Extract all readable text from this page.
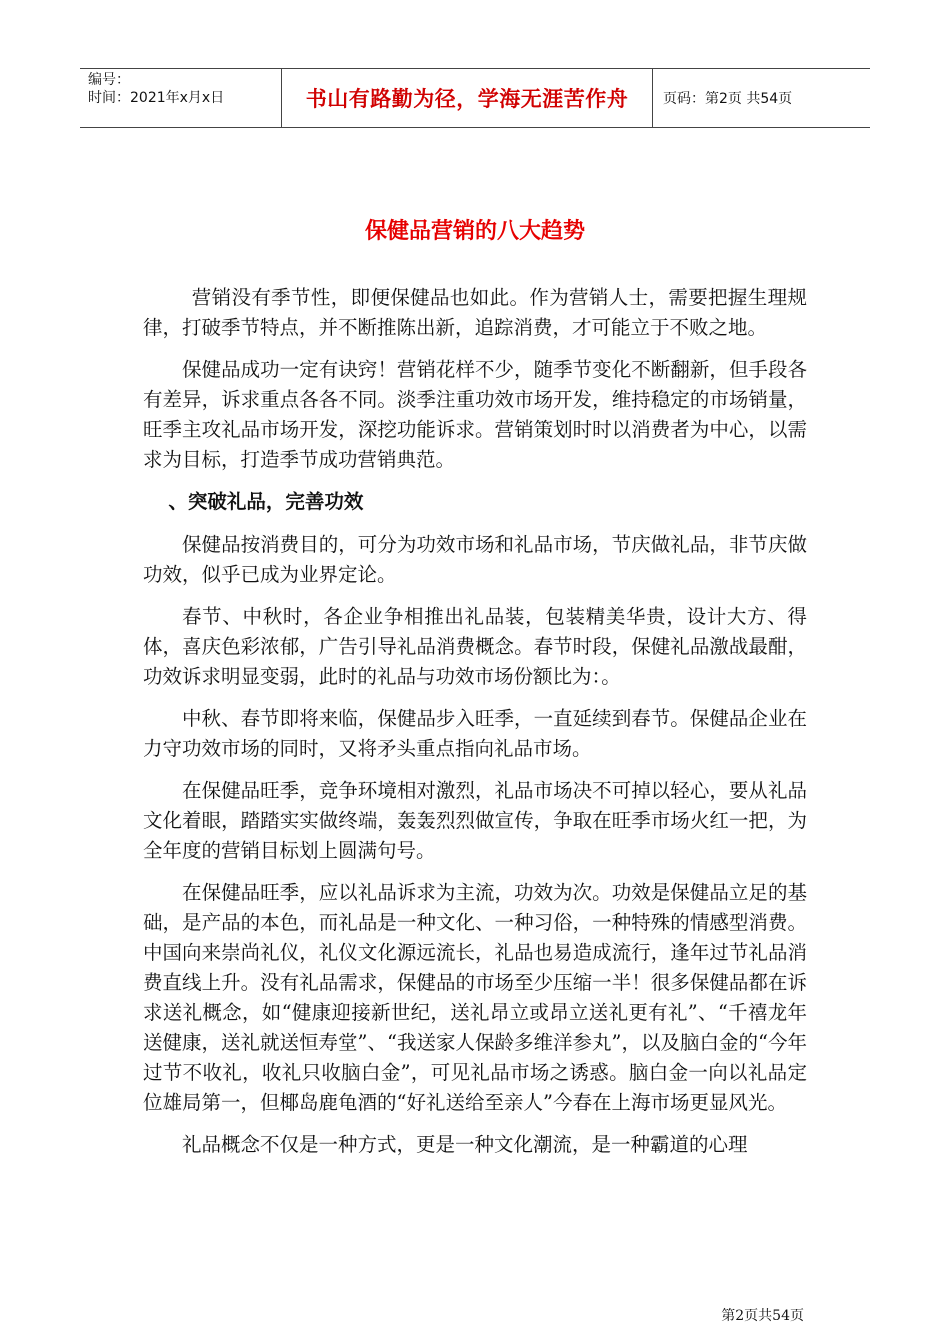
编号：
时间：2021年x月x日	书山有路勤为径，学海无涯苦作舟	页码：第2页 共54页
保健品营销的八大趋势

营销没有季节性，即便保健品也如此。作为营销人士，需要把握生理规律，打破季节特点，并不断推陈出新，追踪消费，才可能立于不败之地。

保健品成功一定有诀窍！营销花样不少，随季节变化不断翻新，但手段各有差异，诉求重点各各不同。淡季注重功效市场开发，维持稳定的市场销量，旺季主攻礼品市场开发，深挖功能诉求。营销策划时时以消费者为中心，以需求为目标，打造季节成功营销典范。

、突破礼品，完善功效

保健品按消费目的，可分为功效市场和礼品市场，节庆做礼品，非节庆做功效，似乎已成为业界定论。

春节、中秋时，各企业争相推出礼品装，包装精美华贵，设计大方、得体，喜庆色彩浓郁，广告引导礼品消费概念。春节时段，保健礼品激战最酣，功效诉求明显变弱，此时的礼品与功效市场份额比为：。

中秋、春节即将来临，保健品步入旺季，一直延续到春节。保健品企业在力守功效市场的同时，又将矛头重点指向礼品市场。

在保健品旺季，竞争环境相对激烈，礼品市场决不可掉以轻心，要从礼品文化着眼，踏踏实实做终端，轰轰烈烈做宣传，争取在旺季市场火红一把，为全年度的营销目标划上圆满句号。

在保健品旺季，应以礼品诉求为主流，功效为次。功效是保健品立足的基础，是产品的本色，而礼品是一种文化、一种习俗，一种特殊的情感型消费。中国向来崇尚礼仪，礼仪文化源远流长，礼品也易造成流行，逢年过节礼品消费直线上升。没有礼品需求，保健品的市场至少压缩一半！很多保健品都在诉求送礼概念，如“健康迎接新世纪，送礼昂立或昂立送礼更有礼”、“千禧龙年送健康，送礼就送恒寿堂”、“我送家人保龄多维洋参丸”，以及脑白金的“今年过节不收礼，收礼只收脑白金”，可见礼品市场之诱惑。脑白金一向以礼品定位雄局第一，但椰岛鹿龟酒的“好礼送给至亲人”今春在上海市场更显风光。

礼品概念不仅是一种方式，更是一种文化潮流，是一种霸道的心理

第2页共54页
